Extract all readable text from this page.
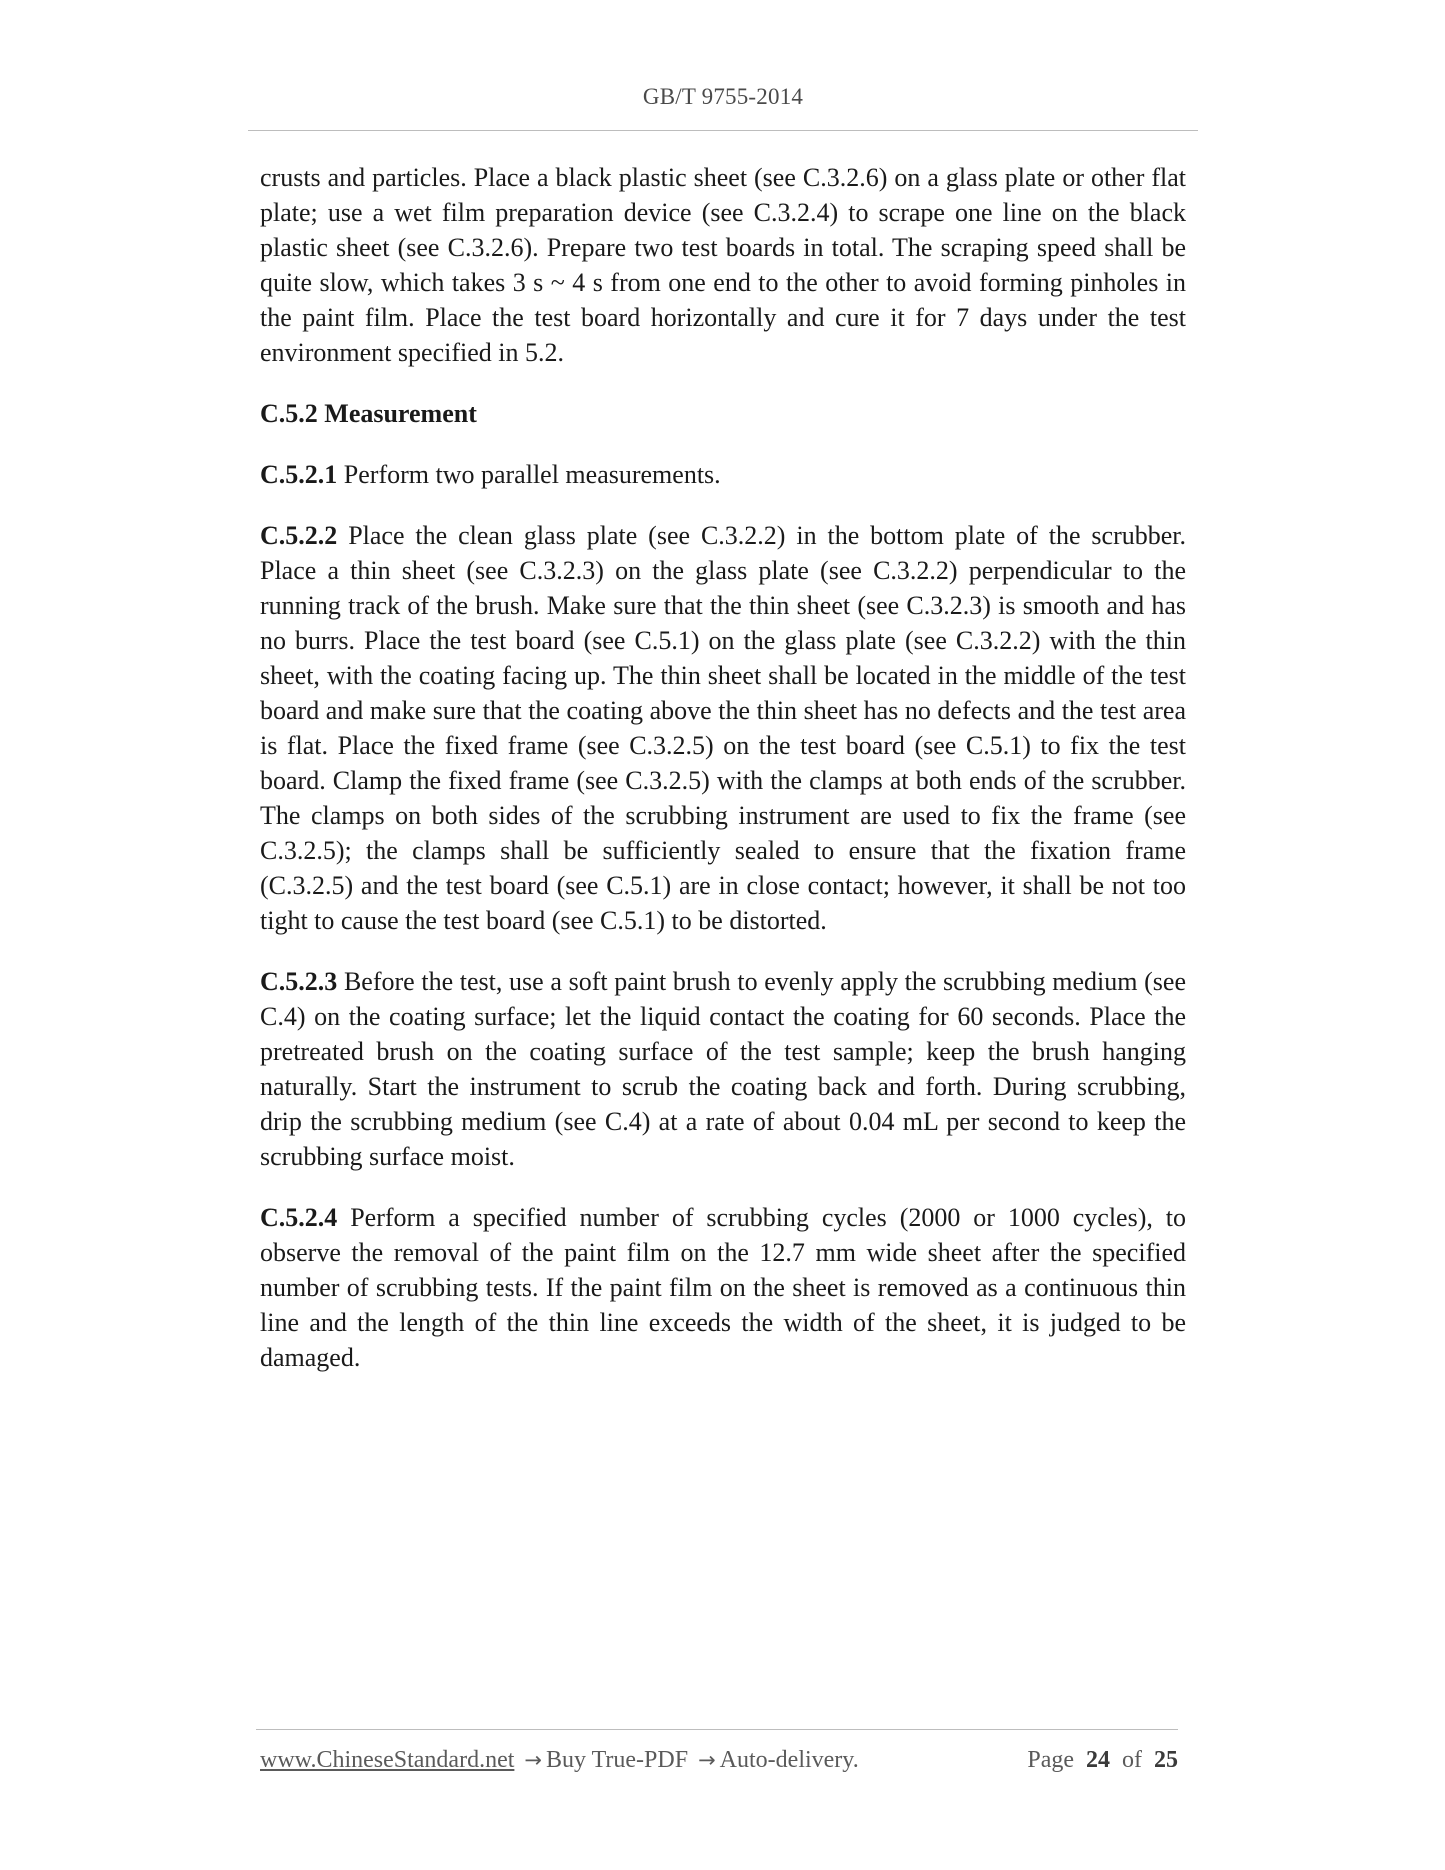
GB/T 9755-2014

crusts and particles. Place a black plastic sheet (see C.3.2.6) on a glass plate or other flat plate; use a wet film preparation device (see C.3.2.4) to scrape one line on the black plastic sheet (see C.3.2.6). Prepare two test boards in total. The scraping speed shall be quite slow, which takes 3 s ~ 4 s from one end to the other to avoid forming pinholes in the paint film. Place the test board horizontally and cure it for 7 days under the test environment specified in 5.2.

C.5.2 Measurement

C.5.2.1 Perform two parallel measurements.

C.5.2.2 Place the clean glass plate (see C.3.2.2) in the bottom plate of the scrubber. Place a thin sheet (see C.3.2.3) on the glass plate (see C.3.2.2) perpendicular to the running track of the brush. Make sure that the thin sheet (see C.3.2.3) is smooth and has no burrs. Place the test board (see C.5.1) on the glass plate (see C.3.2.2) with the thin sheet, with the coating facing up. The thin sheet shall be located in the middle of the test board and make sure that the coating above the thin sheet has no defects and the test area is flat. Place the fixed frame (see C.3.2.5) on the test board (see C.5.1) to fix the test board. Clamp the fixed frame (see C.3.2.5) with the clamps at both ends of the scrubber. The clamps on both sides of the scrubbing instrument are used to fix the frame (see C.3.2.5); the clamps shall be sufficiently sealed to ensure that the fixation frame (C.3.2.5) and the test board (see C.5.1) are in close contact; however, it shall be not too tight to cause the test board (see C.5.1) to be distorted.

C.5.2.3 Before the test, use a soft paint brush to evenly apply the scrubbing medium (see C.4) on the coating surface; let the liquid contact the coating for 60 seconds. Place the pretreated brush on the coating surface of the test sample; keep the brush hanging naturally. Start the instrument to scrub the coating back and forth. During scrubbing, drip the scrubbing medium (see C.4) at a rate of about 0.04 mL per second to keep the scrubbing surface moist.

C.5.2.4 Perform a specified number of scrubbing cycles (2000 or 1000 cycles), to observe the removal of the paint film on the 12.7 mm wide sheet after the specified number of scrubbing tests. If the paint film on the sheet is removed as a continuous thin line and the length of the thin line exceeds the width of the sheet, it is judged to be damaged.

www.ChineseStandard.net → Buy True-PDF → Auto-delivery.	Page 24 of 25
